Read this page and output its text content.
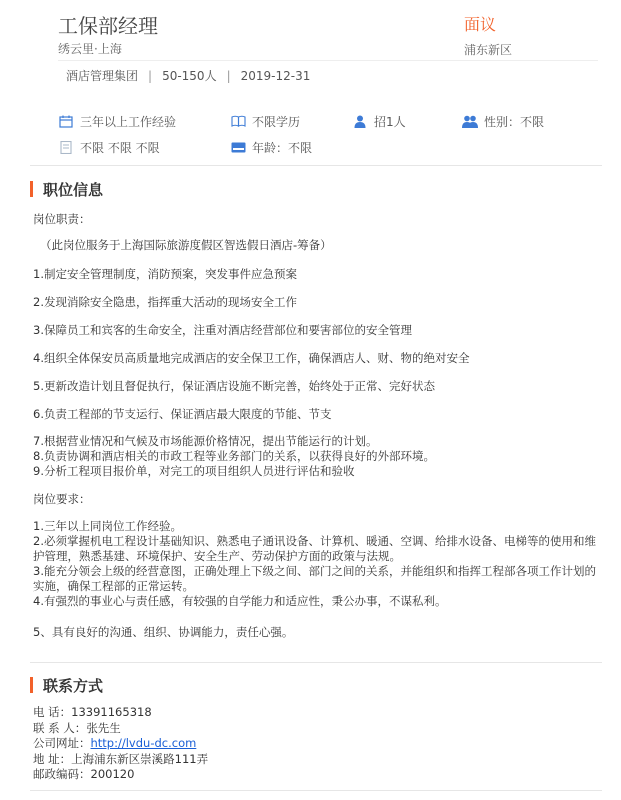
工保部经理	面议
绣云里·上海	浦东新区
酒店管理集团 | 50-150人 | 2019-12-31
三年以上工作经验	不限学历	招1人	性别：不限
不限 不限 不限	年龄：不限
职位信息
岗位职责：
（此岗位服务于上海国际旅游度假区智选假日酒店-筹备）
1.制定安全管理制度，消防预案，突发事件应急预案
2.发现消除安全隐患，指挥重大活动的现场安全工作
3.保障员工和宾客的生命安全，注重对酒店经营部位和要害部位的安全管理
4.组织全体保安员高质量地完成酒店的安全保卫工作，确保酒店人、财、物的绝对安全
5.更新改造计划且督促执行，保证酒店设施不断完善，始终处于正常、完好状态
6.负责工程部的节支运行、保证酒店最大限度的节能、节支

7.根据营业情况和气候及市场能源价格情况，提出节能运行的计划。

8.负责协调和酒店相关的市政工程等业务部门的关系，以获得良好的外部环境。

9.分析工程项目报价单，对完工的项目组织人员进行评估和验收

岗位要求：

1.三年以上同岗位工作经验。

2.必须掌握机电工程设计基础知识、熟悉电子通讯设备、计算机、暖通、空调、给排水设备、电梯等的使用和维护管理，熟悉基建、环境保护、安全生产、劳动保护方面的政策与法规。

3.能充分领会上级的经营意图，正确处理上下级之间、部门之间的关系，并能组织和指挥工程部各项工作计划的实施，确保工程部的正常运转。

4.有强烈的事业心与责任感，有较强的自学能力和适应性，秉公办事，不谋私利。

5、具有良好的沟通、组织、协调能力，责任心强。
联系方式
电 话：13391165318
联 系 人：张先生
公司网址：http://lvdu-dc.com
地 址：上海浦东新区崇溪路111弄
邮政编码：200120
